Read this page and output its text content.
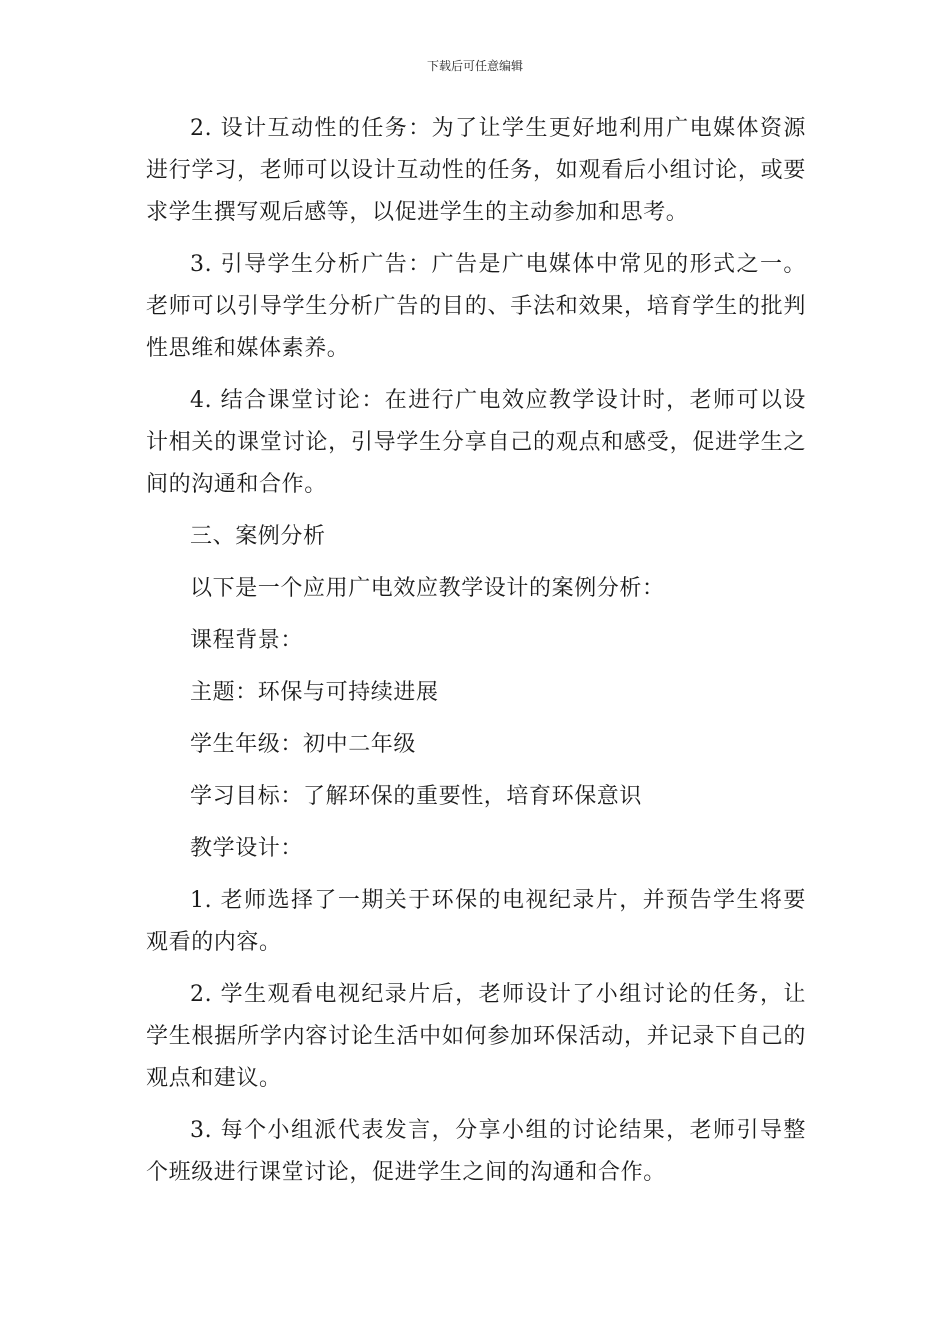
下载后可任意编辑

2. 设计互动性的任务：为了让学生更好地利用广电媒体资源进行学习，老师可以设计互动性的任务，如观看后小组讨论，或要求学生撰写观后感等，以促进学生的主动参加和思考。

3. 引导学生分析广告：广告是广电媒体中常见的形式之一。老师可以引导学生分析广告的目的、手法和效果，培育学生的批判性思维和媒体素养。

4. 结合课堂讨论：在进行广电效应教学设计时，老师可以设计相关的课堂讨论，引导学生分享自己的观点和感受，促进学生之间的沟通和合作。

三、案例分析

以下是一个应用广电效应教学设计的案例分析：

课程背景：

主题：环保与可持续进展

学生年级：初中二年级

学习目标：了解环保的重要性，培育环保意识

教学设计：

1. 老师选择了一期关于环保的电视纪录片，并预告学生将要观看的内容。

2. 学生观看电视纪录片后，老师设计了小组讨论的任务，让学生根据所学内容讨论生活中如何参加环保活动，并记录下自己的观点和建议。

3. 每个小组派代表发言，分享小组的讨论结果，老师引导整个班级进行课堂讨论，促进学生之间的沟通和合作。
